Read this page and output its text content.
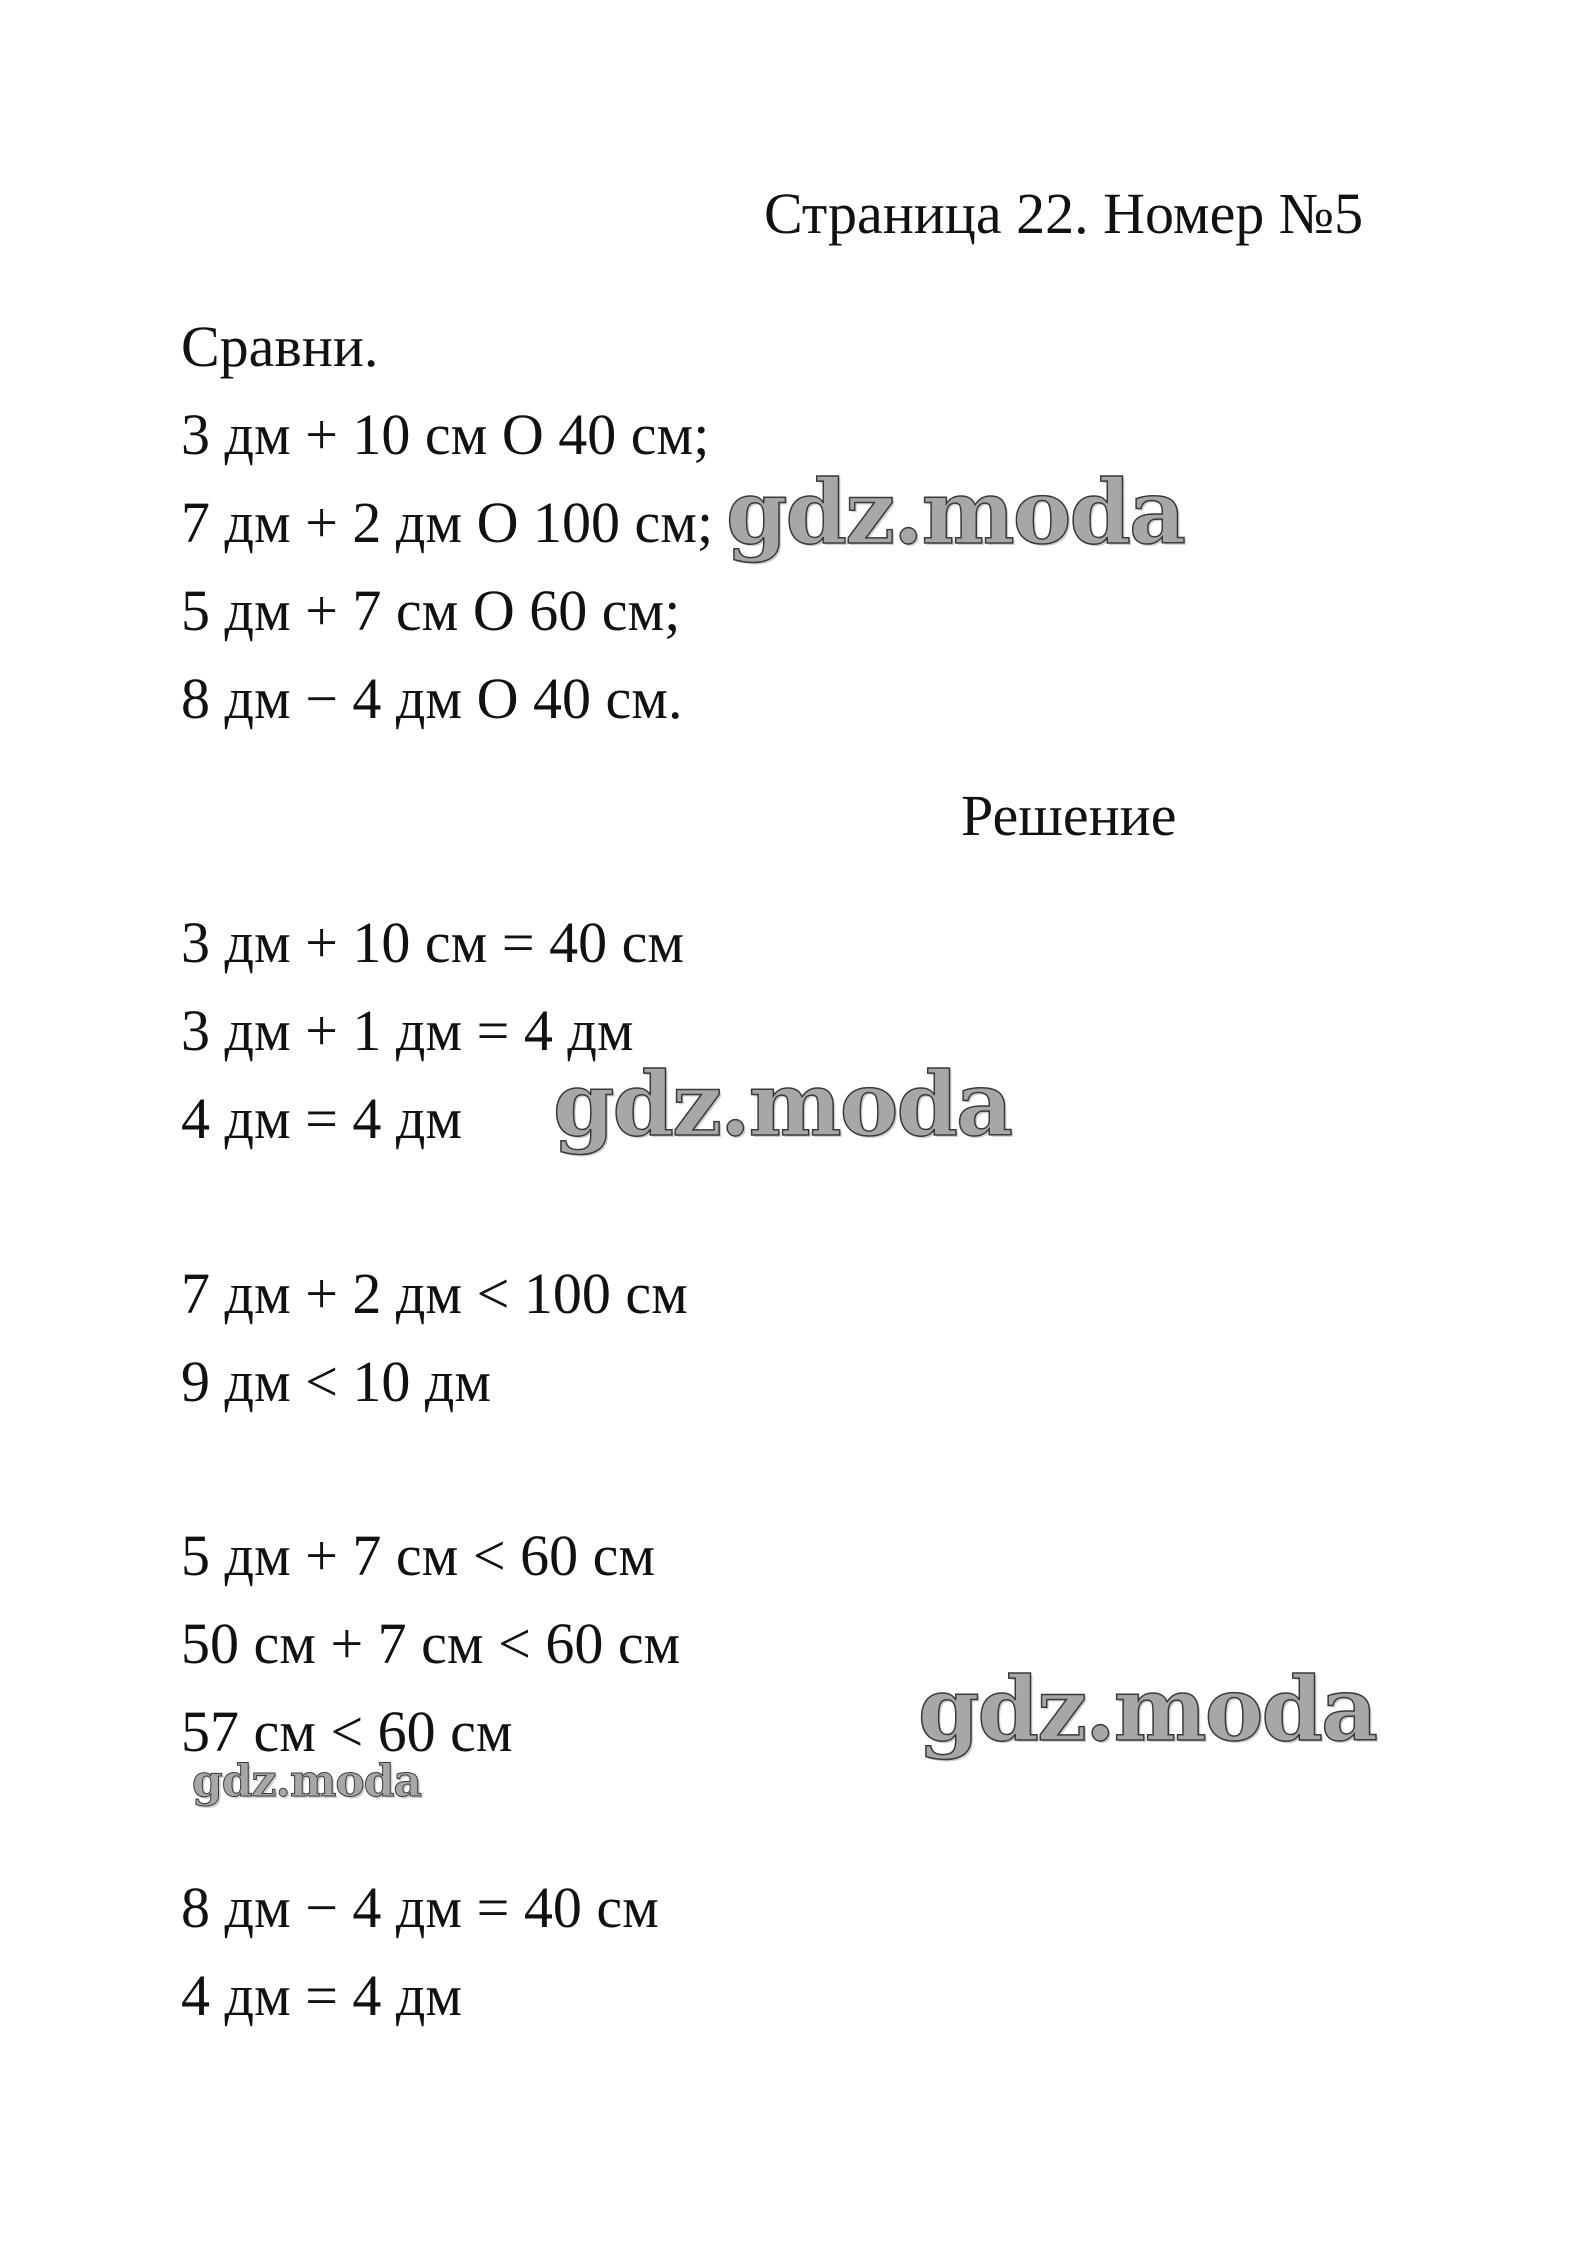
Страница 22. Номер №5
Сравни.
3 дм + 10 см О 40 см;
7 дм + 2 дм О 100 см;
5 дм + 7 см О 60 см;
8 дм − 4 дм О 40 см.
Решение
3 дм + 10 см = 40 см
3 дм + 1 дм = 4 дм
4 дм = 4 дм
7 дм + 2 дм < 100 см
9 дм < 10 дм
5 дм + 7 см < 60 см
50 см + 7 см < 60 см
57 см < 60 см
8 дм − 4 дм = 40 см
4 дм = 4 дм
gdz.moda
gdz.moda
gdz.moda
gdz.moda
